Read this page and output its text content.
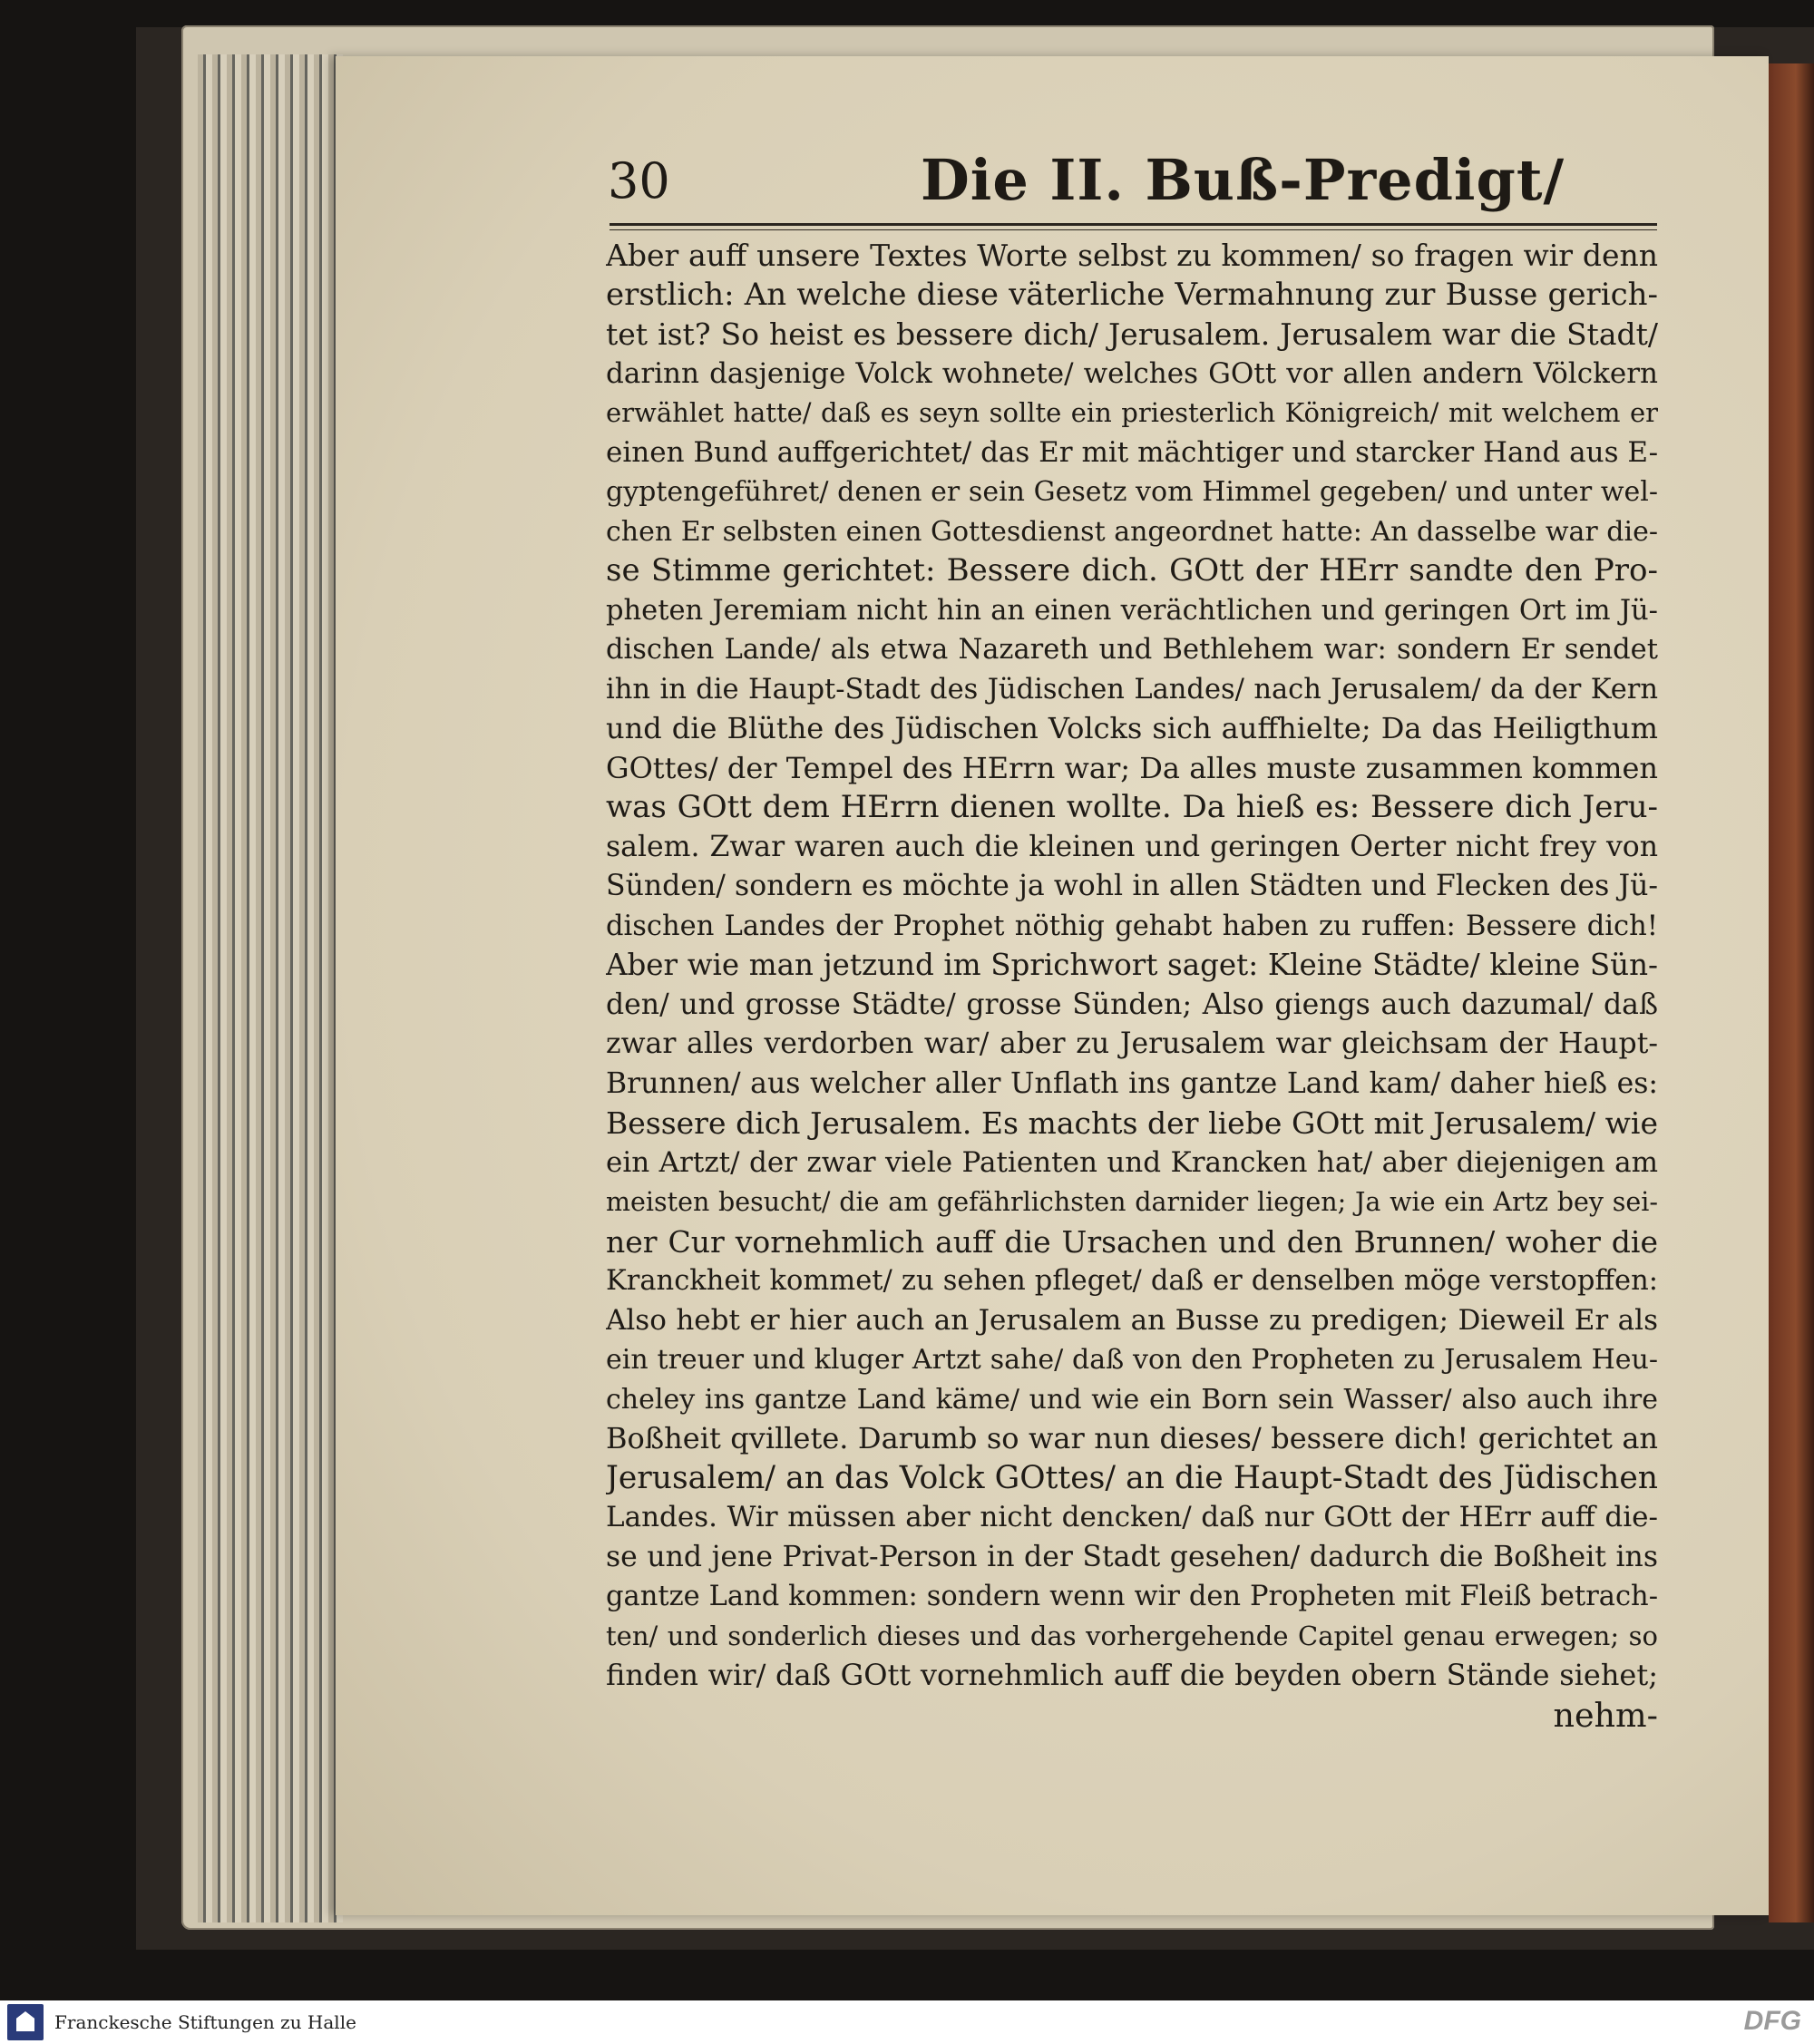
30	Die II. Buß-Predigt/
Aber auff unsere Textes Worte selbst zu kommen/ so fragen wir denn
erstlich: An welche diese väterliche Vermahnung zur Busse gerich-
tet ist? So heist es bessere dich/ Jerusalem. Jerusalem war die Stadt/
darinn dasjenige Volck wohnete/ welches GOtt vor allen andern Völckern
erwählet hatte/ daß es seyn sollte ein priesterlich Königreich/ mit welchem er
einen Bund auffgerichtet/ das Er mit mächtiger und starcker Hand aus E-
gyptengeführet/ denen er sein Gesetz vom Himmel gegeben/ und unter wel-
chen Er selbsten einen Gottesdienst angeordnet hatte: An dasselbe war die-
se Stimme gerichtet: Bessere dich. GOtt der HErr sandte den Pro-
pheten Jeremiam nicht hin an einen verächtlichen und geringen Ort im Jü-
dischen Lande/ als etwa Nazareth und Bethlehem war: sondern Er sendet
ihn in die Haupt-Stadt des Jüdischen Landes/ nach Jerusalem/ da der Kern
und die Blüthe des Jüdischen Volcks sich auffhielte; Da das Heiligthum
GOttes/ der Tempel des HErrn war; Da alles muste zusammen kommen
was GOtt dem HErrn dienen wollte. Da hieß es: Bessere dich Jeru-
salem. Zwar waren auch die kleinen und geringen Oerter nicht frey von
Sünden/ sondern es möchte ja wohl in allen Städten und Flecken des Jü-
dischen Landes der Prophet nöthig gehabt haben zu ruffen: Bessere dich!
Aber wie man jetzund im Sprichwort saget: Kleine Städte/ kleine Sün-
den/ und grosse Städte/ grosse Sünden; Also giengs auch dazumal/ daß
zwar alles verdorben war/ aber zu Jerusalem war gleichsam der Haupt-
Brunnen/ aus welcher aller Unflath ins gantze Land kam/ daher hieß es:
Bessere dich Jerusalem. Es machts der liebe GOtt mit Jerusalem/ wie
ein Artzt/ der zwar viele Patienten und Krancken hat/ aber diejenigen am
meisten besucht/ die am gefährlichsten darnider liegen; Ja wie ein Artz bey sei-
ner Cur vornehmlich auff die Ursachen und den Brunnen/ woher die
Kranckheit kommet/ zu sehen pfleget/ daß er denselben möge verstopffen:
Also hebt er hier auch an Jerusalem an Busse zu predigen; Dieweil Er als
ein treuer und kluger Artzt sahe/ daß von den Propheten zu Jerusalem Heu-
cheley ins gantze Land käme/ und wie ein Born sein Wasser/ also auch ihre
Boßheit qvillete. Darumb so war nun dieses/ bessere dich! gerichtet an
Jerusalem/ an das Volck GOttes/ an die Haupt-Stadt des Jüdischen
Landes. Wir müssen aber nicht dencken/ daß nur GOtt der HErr auff die-
se und jene Privat-Person in der Stadt gesehen/ dadurch die Boßheit ins
gantze Land kommen: sondern wenn wir den Propheten mit Fleiß betrach-
ten/ und sonderlich dieses und das vorhergehende Capitel genau erwegen; so
finden wir/ daß GOtt vornehmlich auff die beyden obern Stände siehet;
nehm-
Franckesche Stiftungen zu Halle	DFG
